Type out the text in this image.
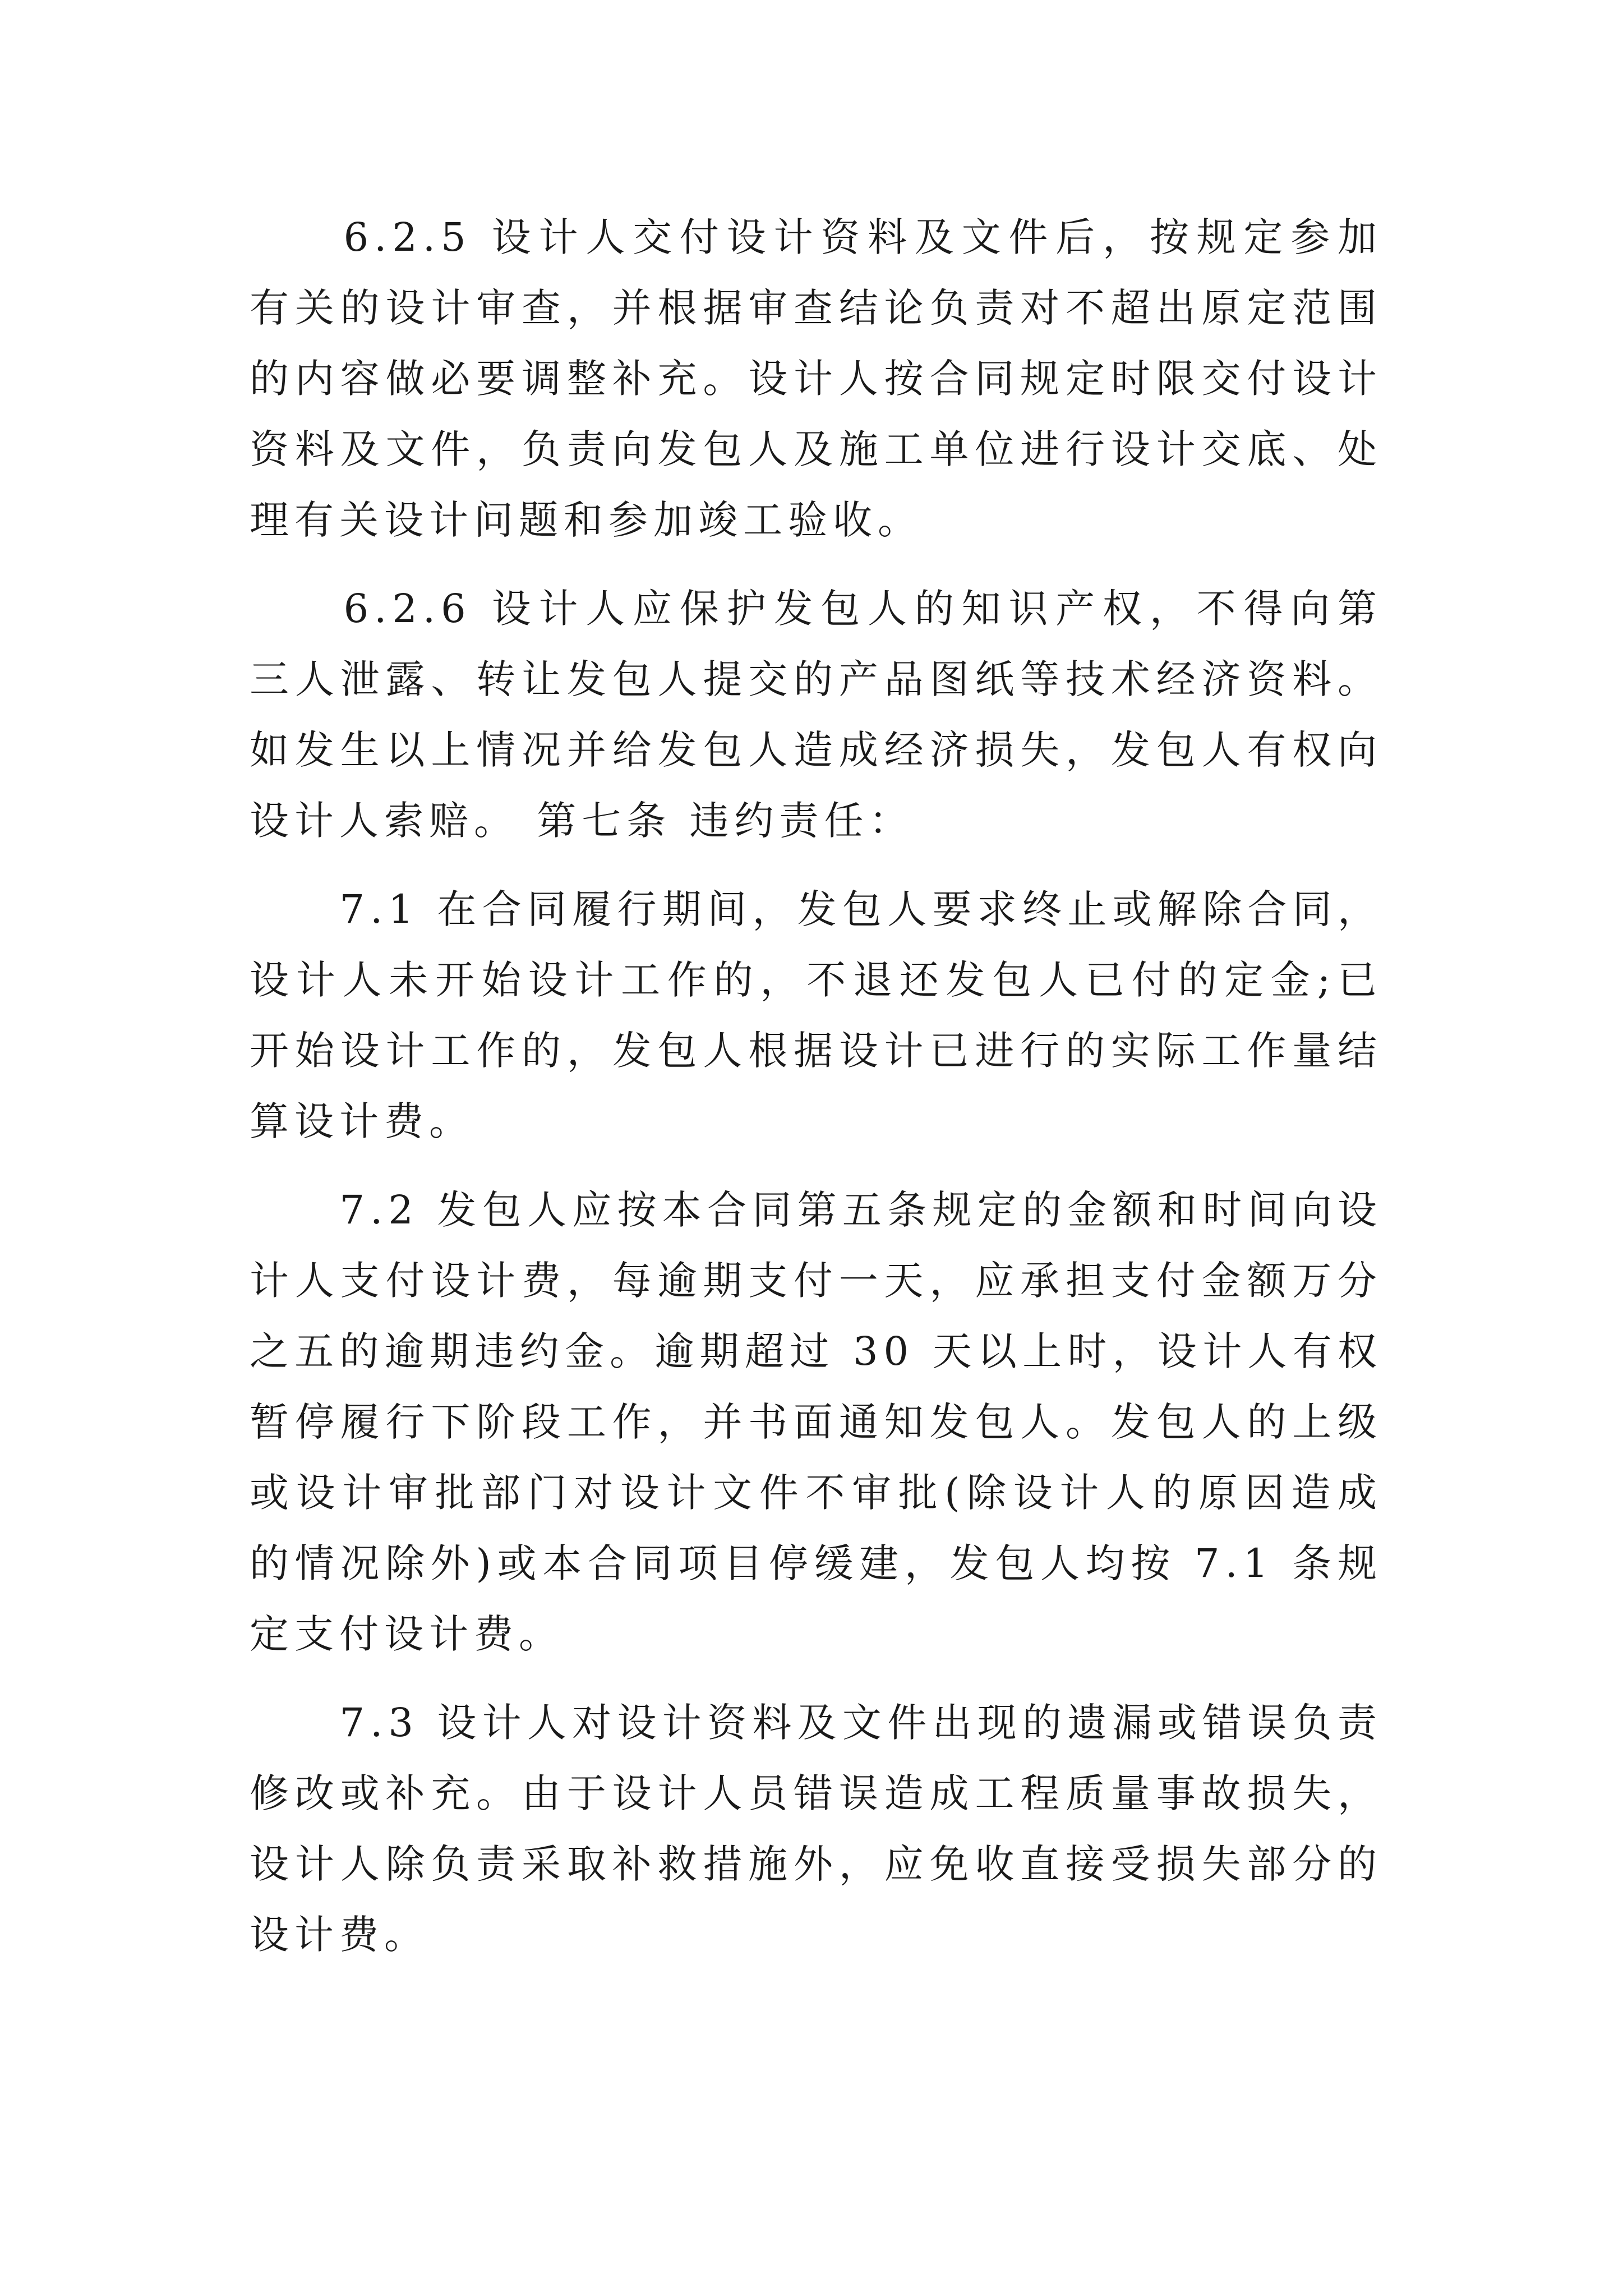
　　6.2.5 设计人交付设计资料及文件后，按规定参加有关的设计审查，并根据审查结论负责对不超出原定范围的内容做必要调整补充。设计人按合同规定时限交付设计资料及文件，负责向发包人及施工单位进行设计交底、处理有关设计问题和参加竣工验收。

　　6.2.6 设计人应保护发包人的知识产权，不得向第三人泄露、转让发包人提交的产品图纸等技术经济资料。如发生以上情况并给发包人造成经济损失，发包人有权向设计人索赔。 第七条 违约责任：

　　7.1 在合同履行期间，发包人要求终止或解除合同，设计人未开始设计工作的，不退还发包人已付的定金;已开始设计工作的，发包人根据设计已进行的实际工作量结算设计费。

　　7.2 发包人应按本合同第五条规定的金额和时间向设计人支付设计费，每逾期支付一天，应承担支付金额万分之五的逾期违约金。逾期超过 30 天以上时，设计人有权暂停履行下阶段工作，并书面通知发包人。发包人的上级或设计审批部门对设计文件不审批(除设计人的原因造成的情况除外)或本合同项目停缓建，发包人均按 7.1 条规定支付设计费。

　　7.3 设计人对设计资料及文件出现的遗漏或错误负责修改或补充。由于设计人员错误造成工程质量事故损失，设计人除负责采取补救措施外，应免收直接受损失部分的设计费。
